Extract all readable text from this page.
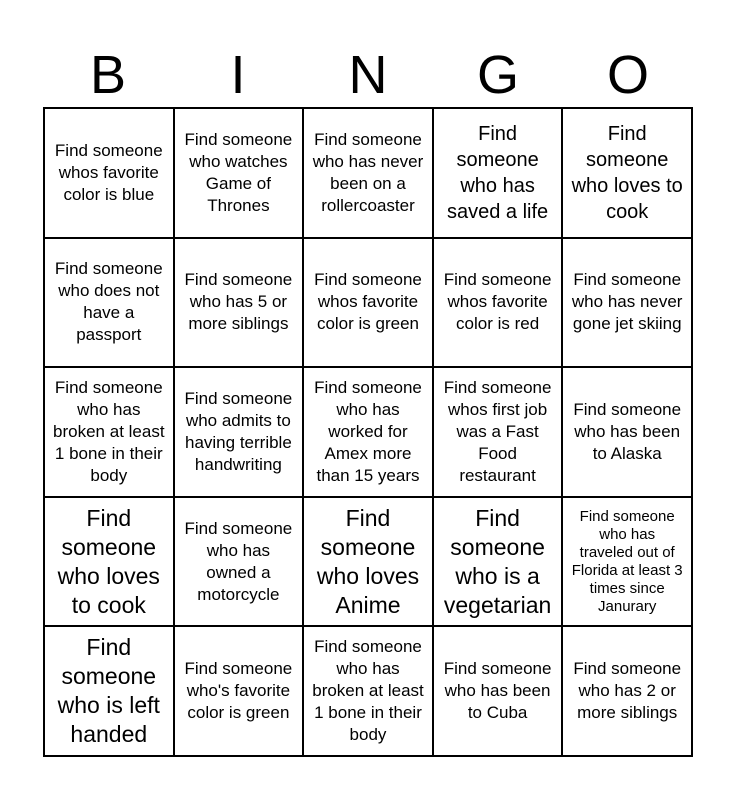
B	I	N	G	O
Find someone whos favorite color is blue
Find someone who watches Game of Thrones
Find someone who has never been on a rollercoaster
Find someone who has saved a life
Find someone who loves to cook
Find someone who does not have a passport
Find someone who has 5 or more siblings
Find someone whos favorite color is green
Find someone whos favorite color is red
Find someone who has never gone jet skiing
Find someone who has broken at least 1 bone in their body
Find someone who admits to having terrible handwriting
Find someone who has worked for Amex more than 15 years
Find someone whos first job was a Fast Food restaurant
Find someone who has been to Alaska
Find someone who loves to cook
Find someone who has owned a motorcycle
Find someone who loves Anime
Find someone who is a vegetarian
Find someone who has traveled out of Florida at least 3 times since Janurary
Find someone who is left handed
Find someone who's favorite color is green
Find someone who has broken at least 1 bone in their body
Find someone who has been to Cuba
Find someone who has 2 or more siblings
